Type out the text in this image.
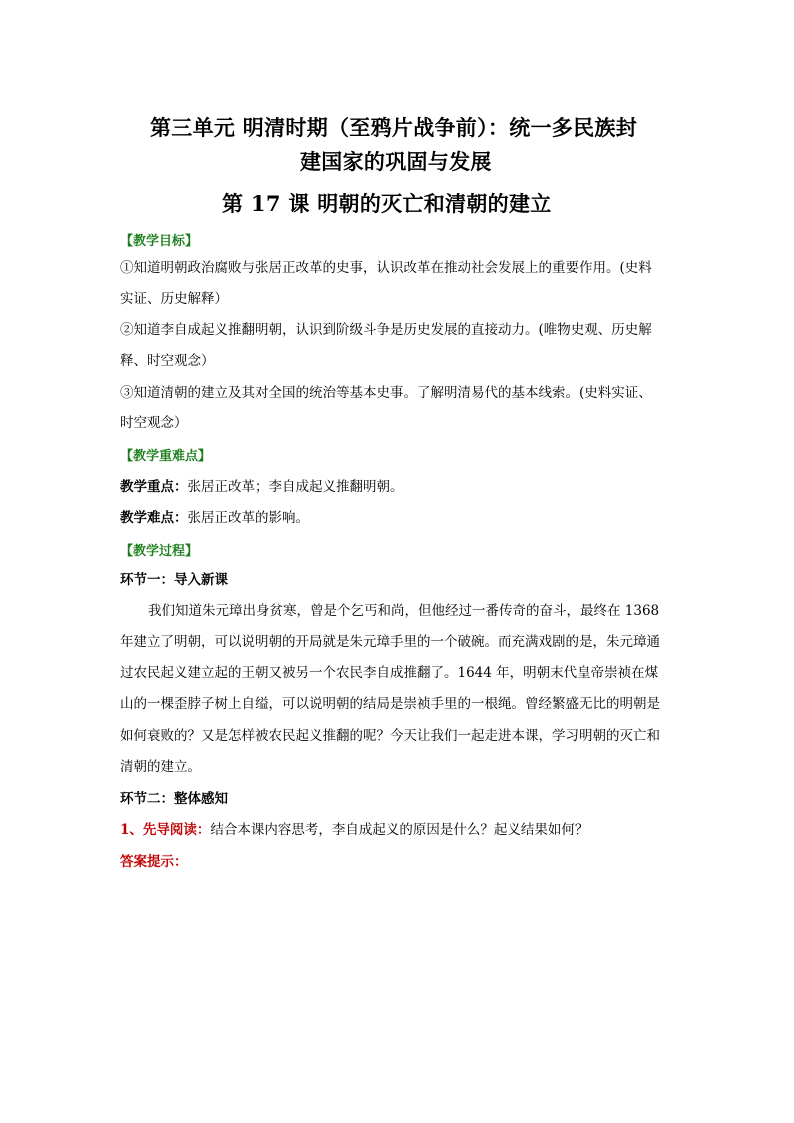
第三单元 明清时期（至鸦片战争前）：统一多民族封
建国家的巩固与发展
第 17 课 明朝的灭亡和清朝的建立
【教学目标】
①知道明朝政治腐败与张居正改革的史事，认识改革在推动社会发展上的重要作用。(史料
实证、历史解释）
②知道李自成起义推翻明朝，认识到阶级斗争是历史发展的直接动力。(唯物史观、历史解
释、时空观念）
③知道清朝的建立及其对全国的统治等基本史事。了解明清易代的基本线索。(史料实证、
时空观念）
【教学重难点】
教学重点：张居正改革；李自成起义推翻明朝。
教学难点：张居正改革的影响。
【教学过程】
环节一：导入新课
我们知道朱元璋出身贫寒，曾是个乞丐和尚，但他经过一番传奇的奋斗，最终在 1368
年建立了明朝，可以说明朝的开局就是朱元璋手里的一个破碗。而充满戏剧的是，朱元璋通
过农民起义建立起的王朝又被另一个农民李自成推翻了。1644 年，明朝末代皇帝崇祯在煤
山的一棵歪脖子树上自缢，可以说明朝的结局是崇祯手里的一根绳。曾经繁盛无比的明朝是
如何衰败的？又是怎样被农民起义推翻的呢？今天让我们一起走进本课，学习明朝的灭亡和
清朝的建立。
环节二：整体感知
1、先导阅读：结合本课内容思考，李自成起义的原因是什么？起义结果如何？
答案提示：
